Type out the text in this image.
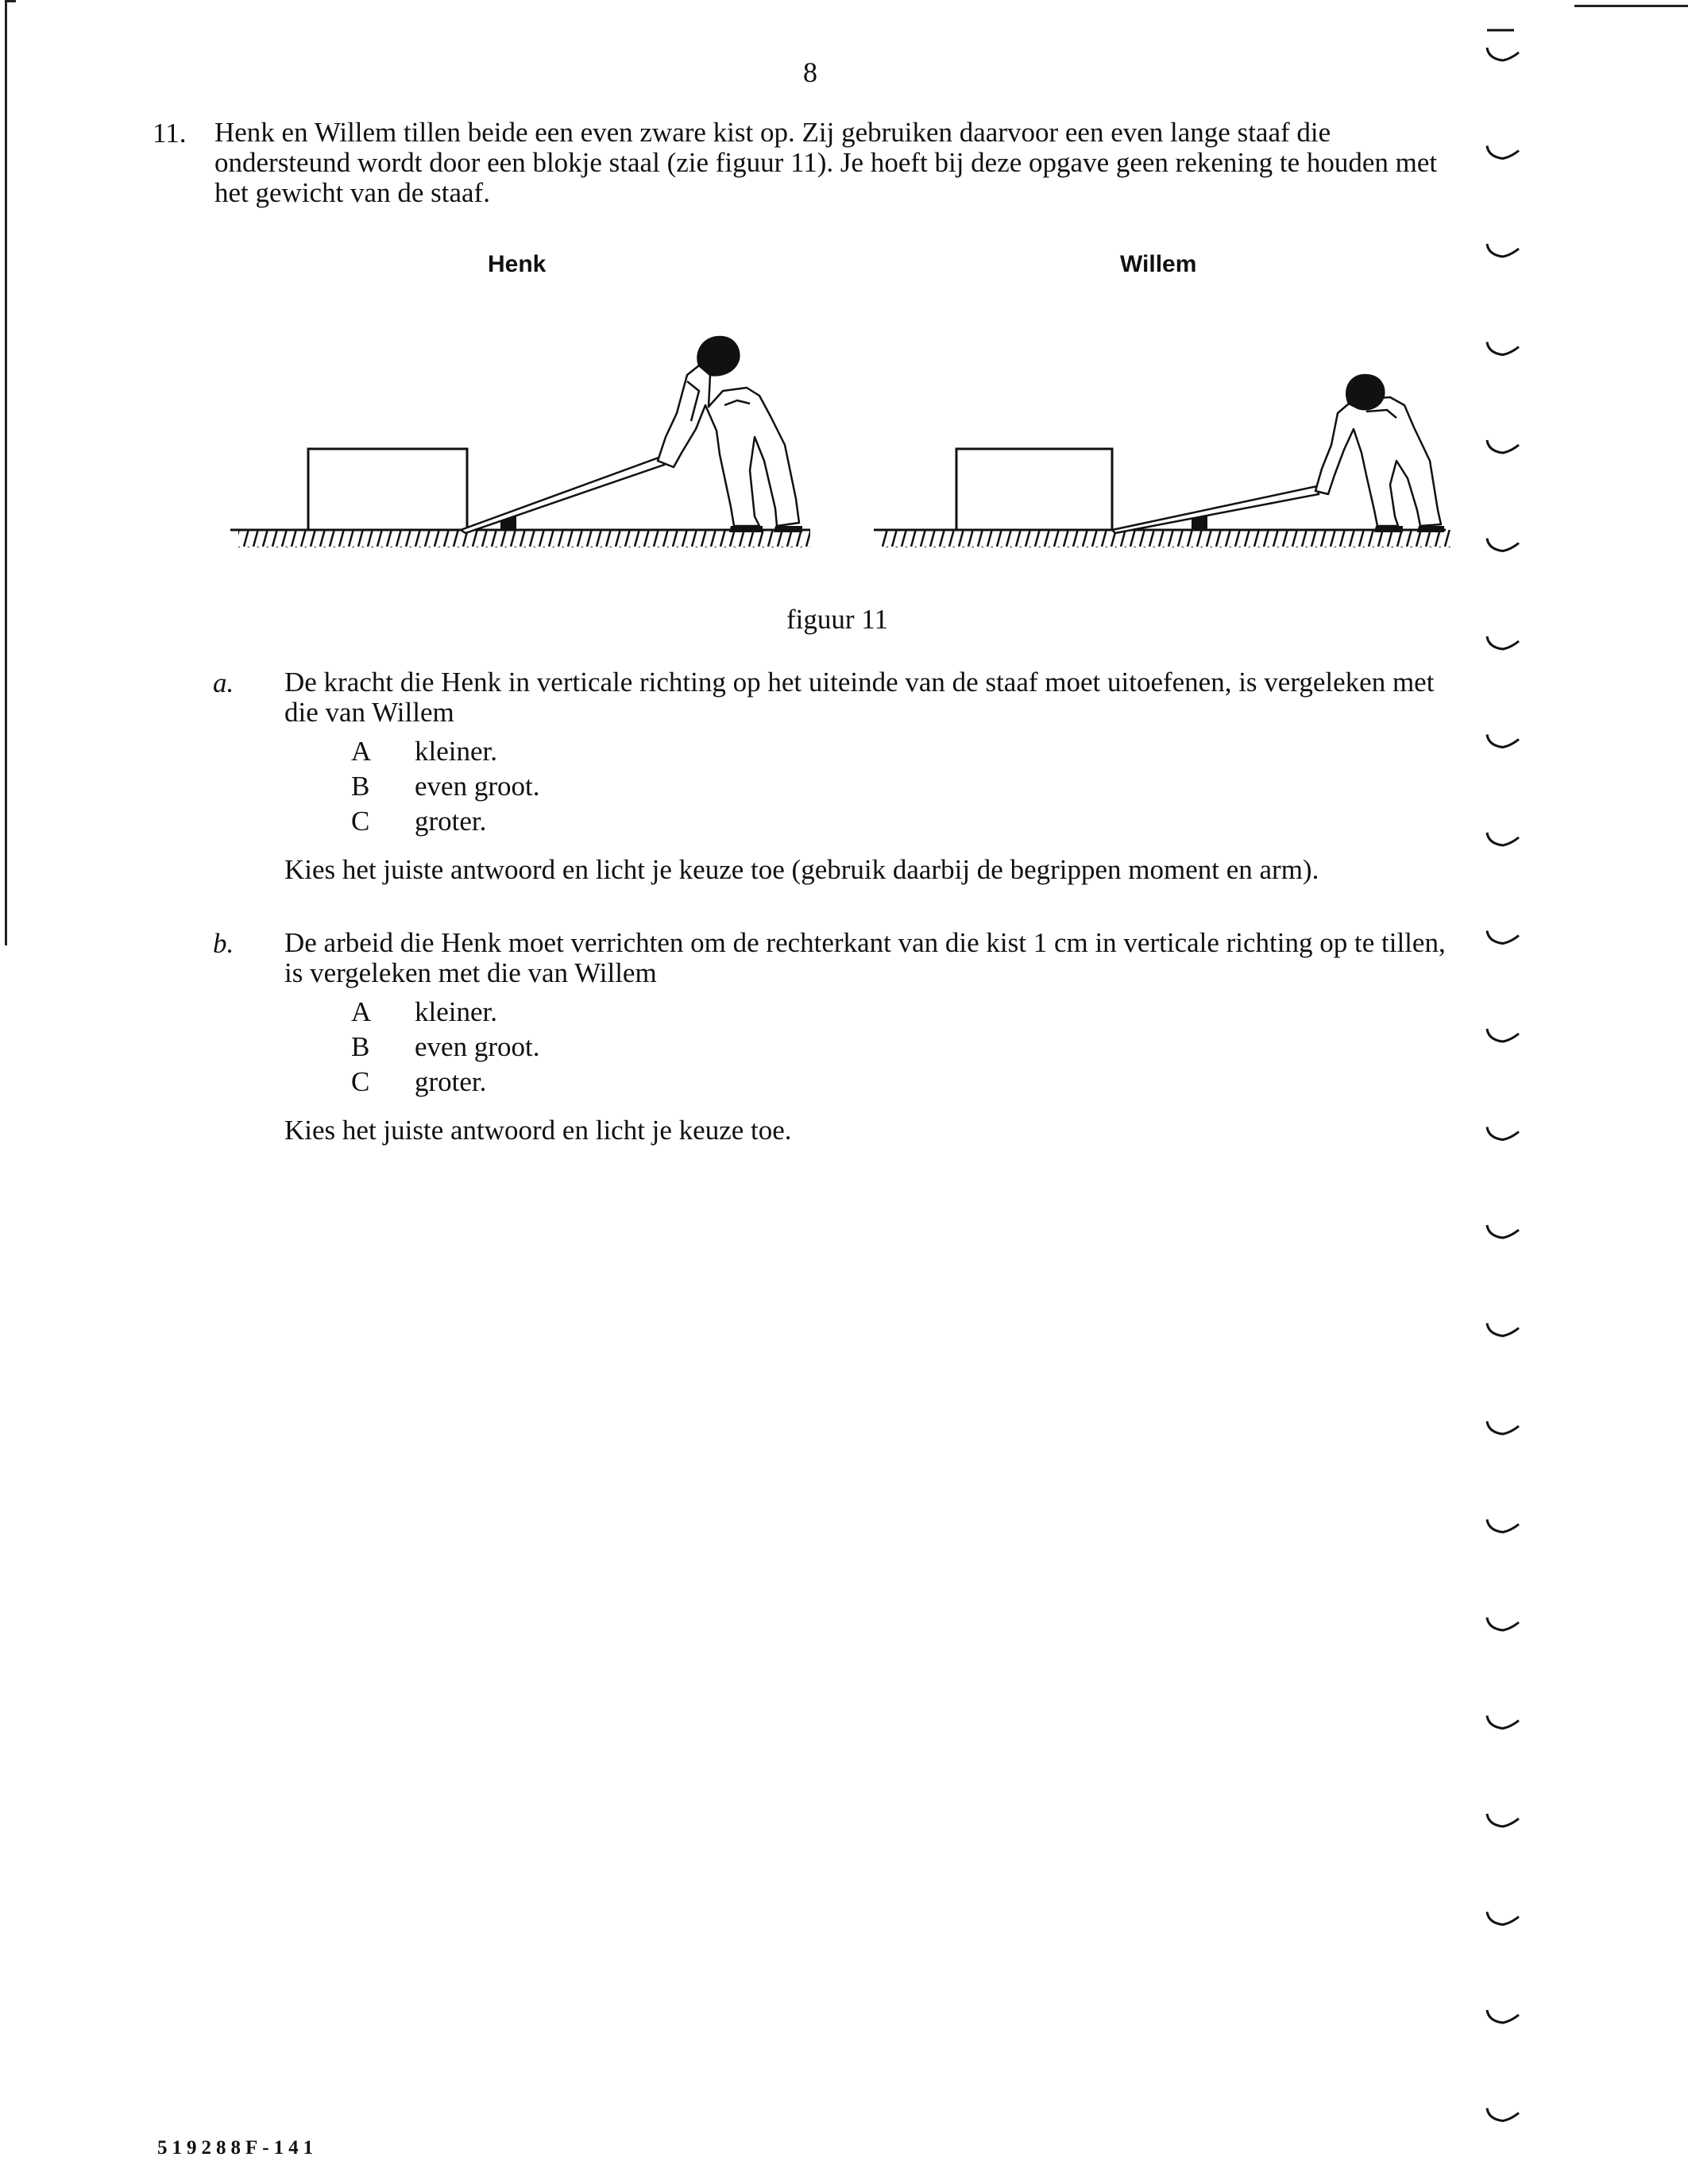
8
11. Henk en Willem tillen beide een even zware kist op. Zij gebruiken daarvoor een even lange staaf die ondersteund wordt door een blokje staal (zie figuur 11). Je hoeft bij deze opgave geen rekening te houden met het gewicht van de staaf.
Henk	Willem
figuur 11
a. De kracht die Henk in verticale richting op het uiteinde van de staaf moet uitoefenen, is vergeleken met die van Willem
A kleiner.
B even groot.
C groter.
Kies het juiste antwoord en licht je keuze toe (gebruik daarbij de begrippen moment en arm).
b. De arbeid die Henk moet verrichten om de rechterkant van die kist 1 cm in verticale richting op te tillen, is vergeleken met die van Willem
A kleiner.
B even groot.
C groter.
Kies het juiste antwoord en licht je keuze toe.
519288F-141
